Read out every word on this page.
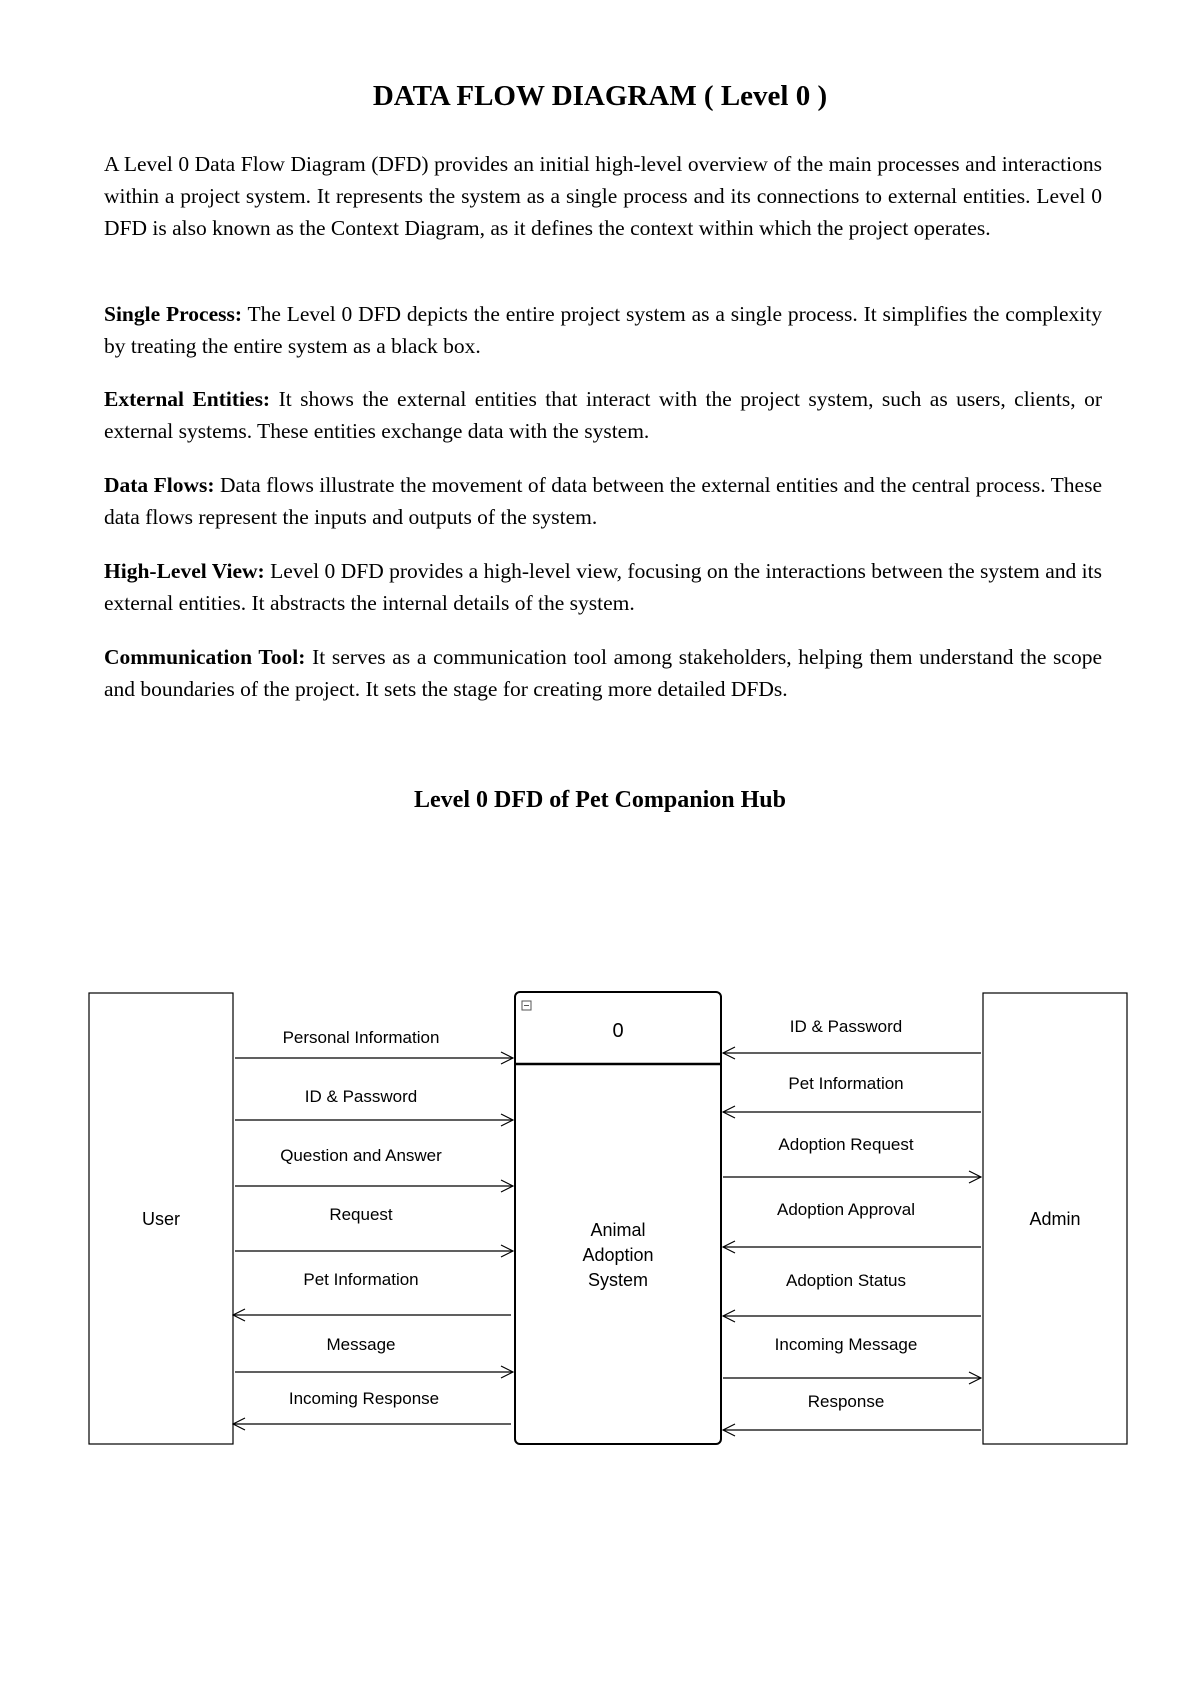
DATA FLOW DIAGRAM ( Level 0 )

A Level 0 Data Flow Diagram (DFD) provides an initial high-level overview of the main processes and interactions within a project system. It represents the system as a single process and its connections to external entities. Level 0 DFD is also known as the Context Diagram, as it defines the context within which the project operates.

Single Process: The Level 0 DFD depicts the entire project system as a single process. It simplifies the complexity by treating the entire system as a black box.

External Entities: It shows the external entities that interact with the project system, such as users, clients, or external systems. These entities exchange data with the system.

Data Flows: Data flows illustrate the movement of data between the external entities and the central process. These data flows represent the inputs and outputs of the system.

High-Level View: Level 0 DFD provides a high-level view, focusing on the interactions between the system and its external entities. It abstracts the internal details of the system.

Communication Tool: It serves as a communication tool among stakeholders, helping them understand the scope and boundaries of the project. It sets the stage for creating more detailed DFDs.

Level 0 DFD of Pet Companion Hub
User	Admin
0
Animal
Adoption
System
Personal Information
ID & Password
Question and Answer
Request
Pet Information
Message
Incoming Response
ID & Password
Pet Information
Adoption Request
Adoption Approval
Adoption Status
Incoming Message
Response
